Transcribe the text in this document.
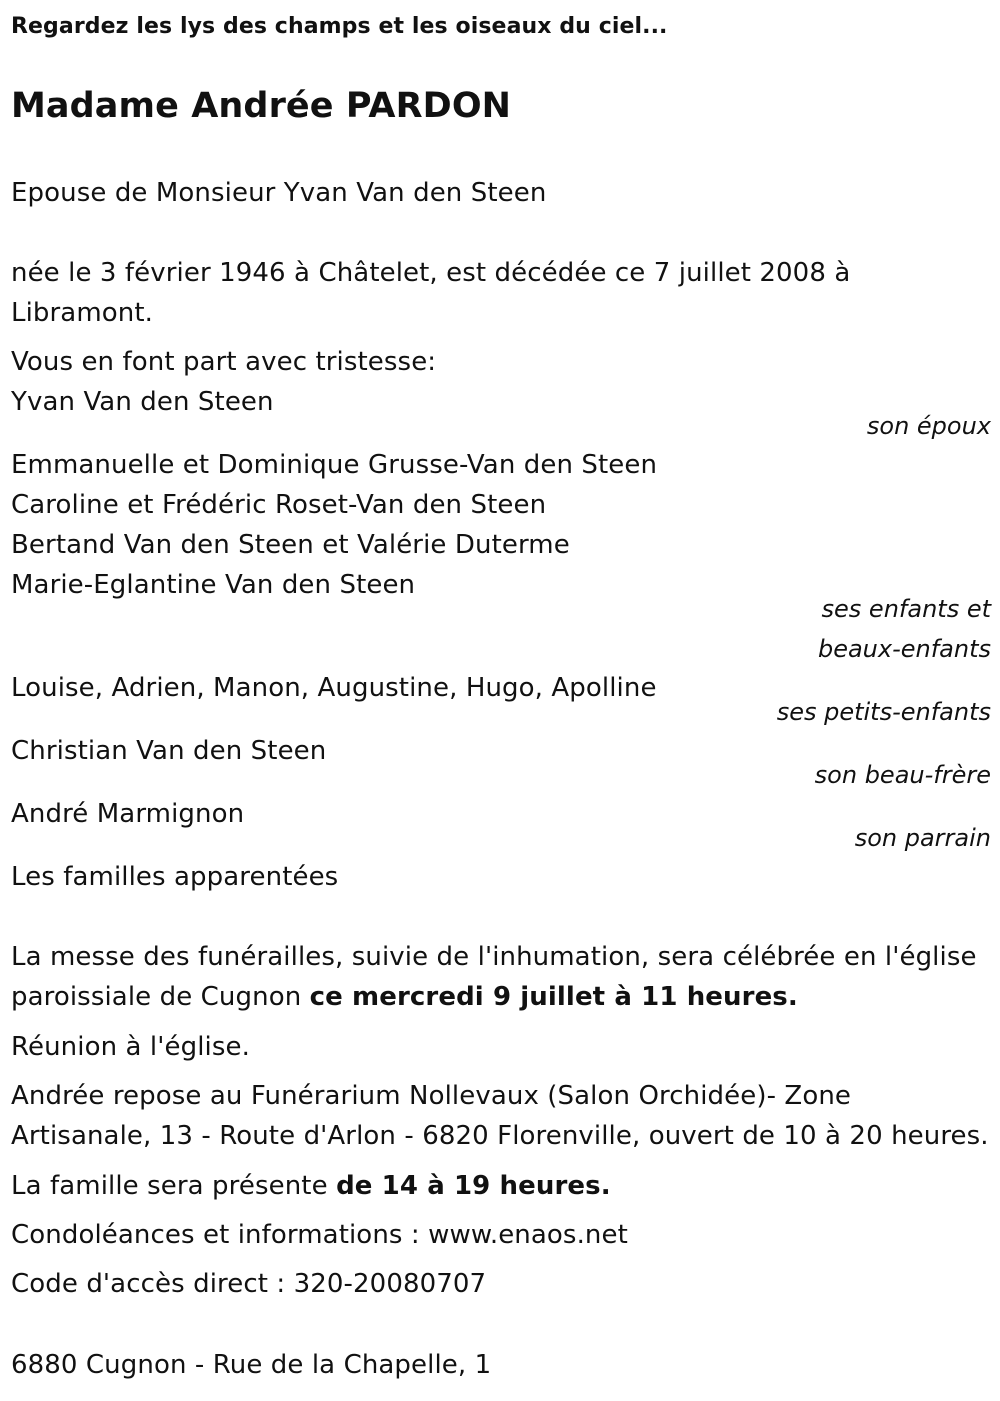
Regardez les lys des champs et les oiseaux du ciel...
Madame Andrée PARDON
Epouse de Monsieur Yvan Van den Steen
née le 3 février 1946 à Châtelet, est décédée ce 7 juillet 2008 à
Libramont.
Vous en font part avec tristesse:
Yvan Van den Steen
son époux
Emmanuelle et Dominique Grusse-Van den Steen
Caroline et Frédéric Roset-Van den Steen
Bertand Van den Steen et Valérie Duterme
Marie-Eglantine Van den Steen
ses enfants et
beaux-enfants
Louise, Adrien, Manon, Augustine, Hugo, Apolline
ses petits-enfants
Christian Van den Steen
son beau-frère
André Marmignon
son parrain
Les familles apparentées
La messe des funérailles, suivie de l'inhumation, sera célébrée en l'église
paroissiale de Cugnon ce mercredi 9 juillet à 11 heures.
Réunion à l'église.
Andrée repose au Funérarium Nollevaux (Salon Orchidée)- Zone
Artisanale, 13 - Route d'Arlon - 6820 Florenville, ouvert de 10 à 20 heures.
La famille sera présente de 14 à 19 heures.
Condoléances et informations : www.enaos.net
Code d'accès direct : 320-20080707
6880 Cugnon - Rue de la Chapelle, 1
